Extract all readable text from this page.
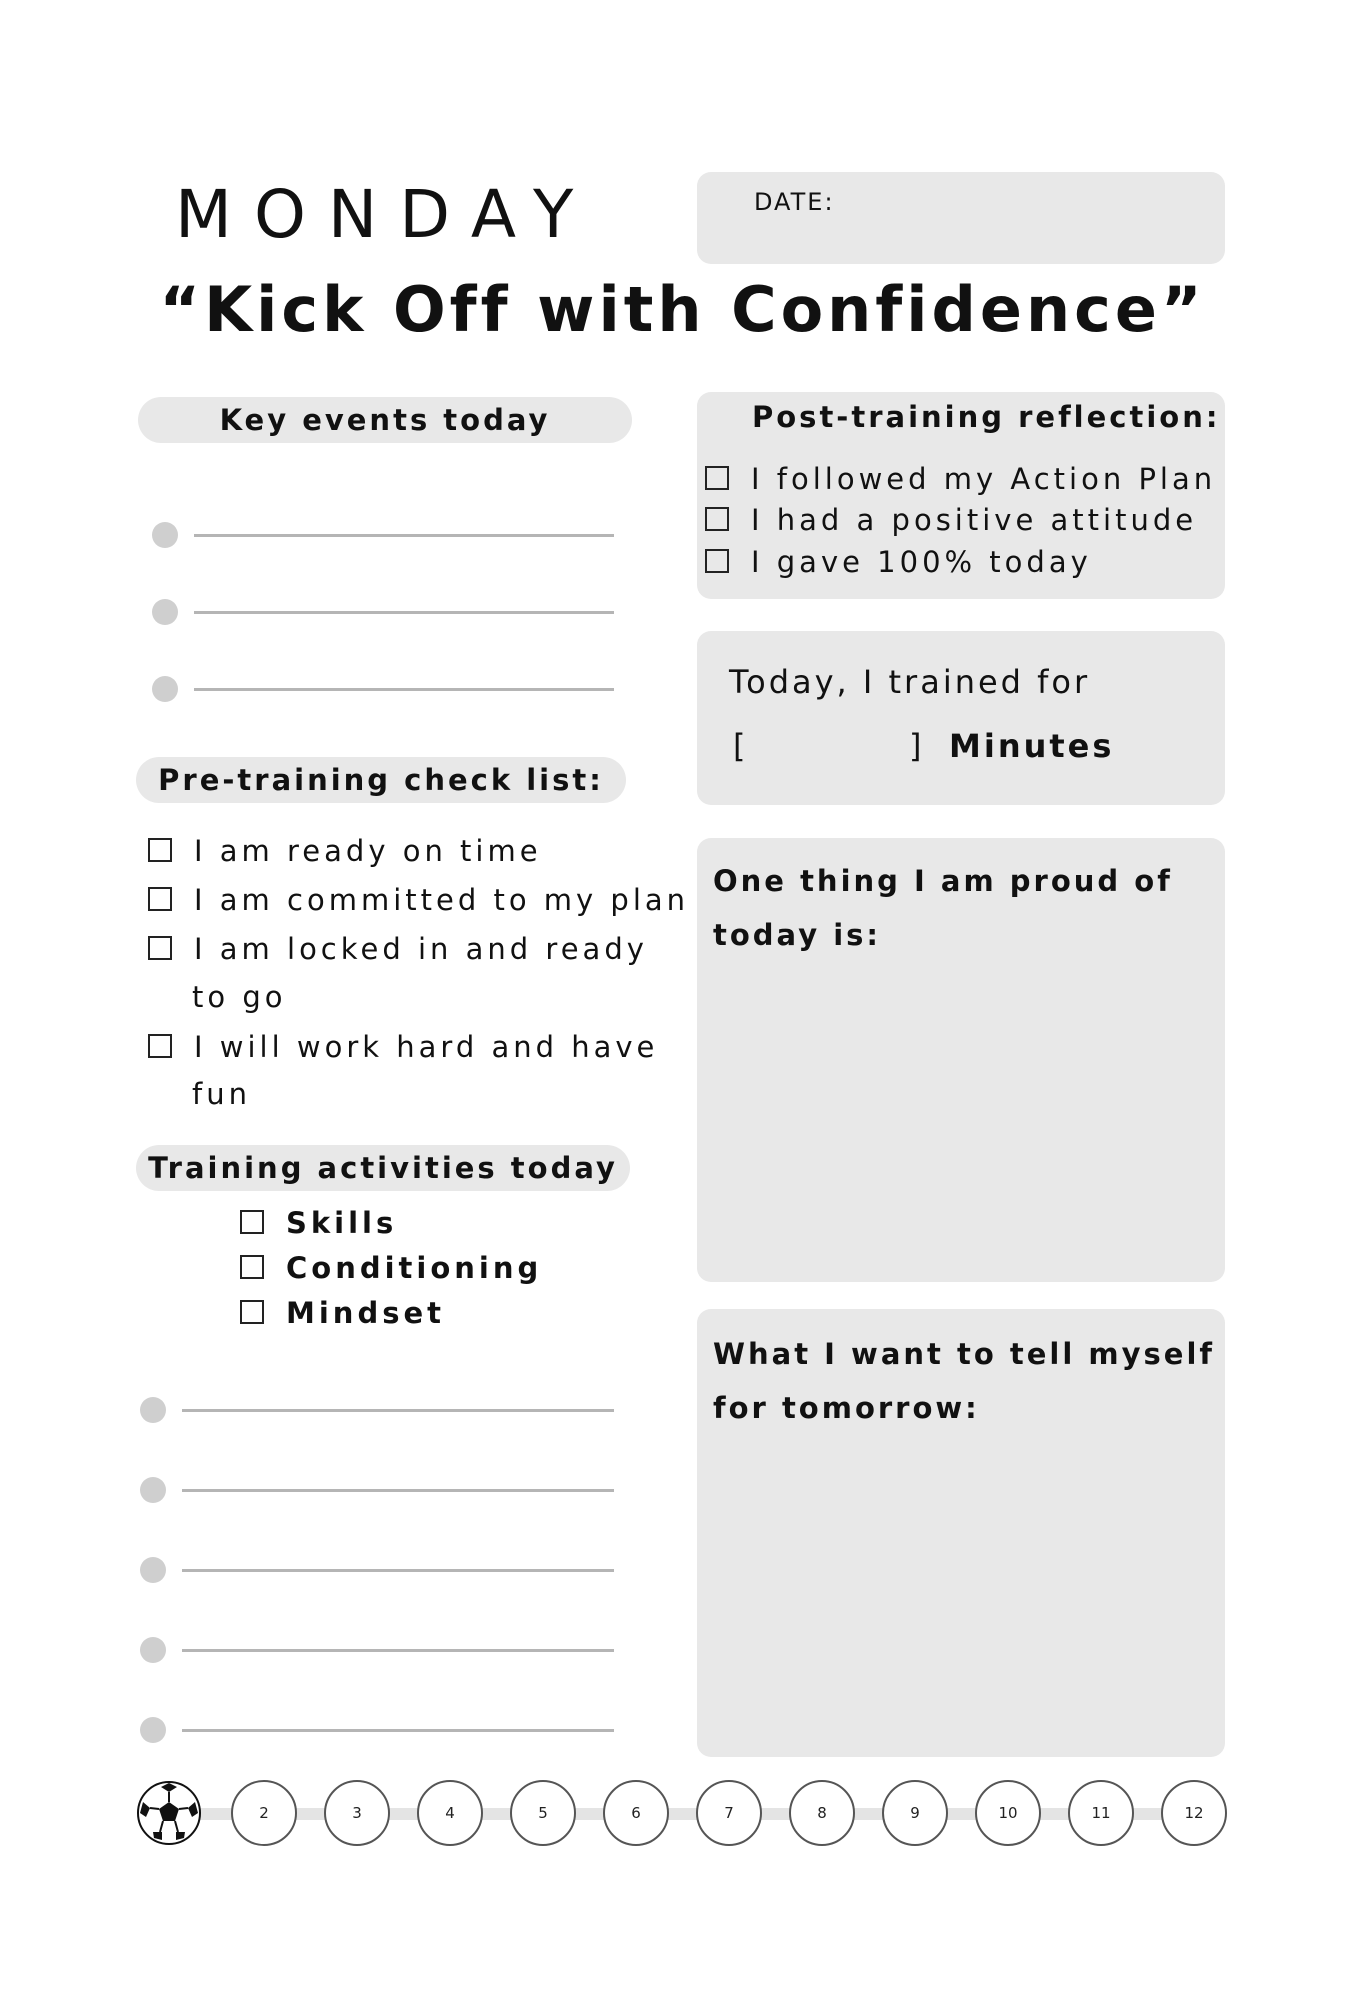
MONDAY	DATE:
“Kick Off with Confidence”
Key events today
Pre-training check list:
I am ready on time
I am committed to my plan
I am locked in and ready
to go
I will work hard and have
fun
Training activities today
Skills
Conditioning
Mindset
Post-training reflection:
I followed my Action Plan
I had a positive attitude
I gave 100% today
Today, I trained for
[	] Minutes
One thing I am proud of
today is:
What I want to tell myself
for tomorrow:
2	3	4	5	6	7	8	9	10	11	12
